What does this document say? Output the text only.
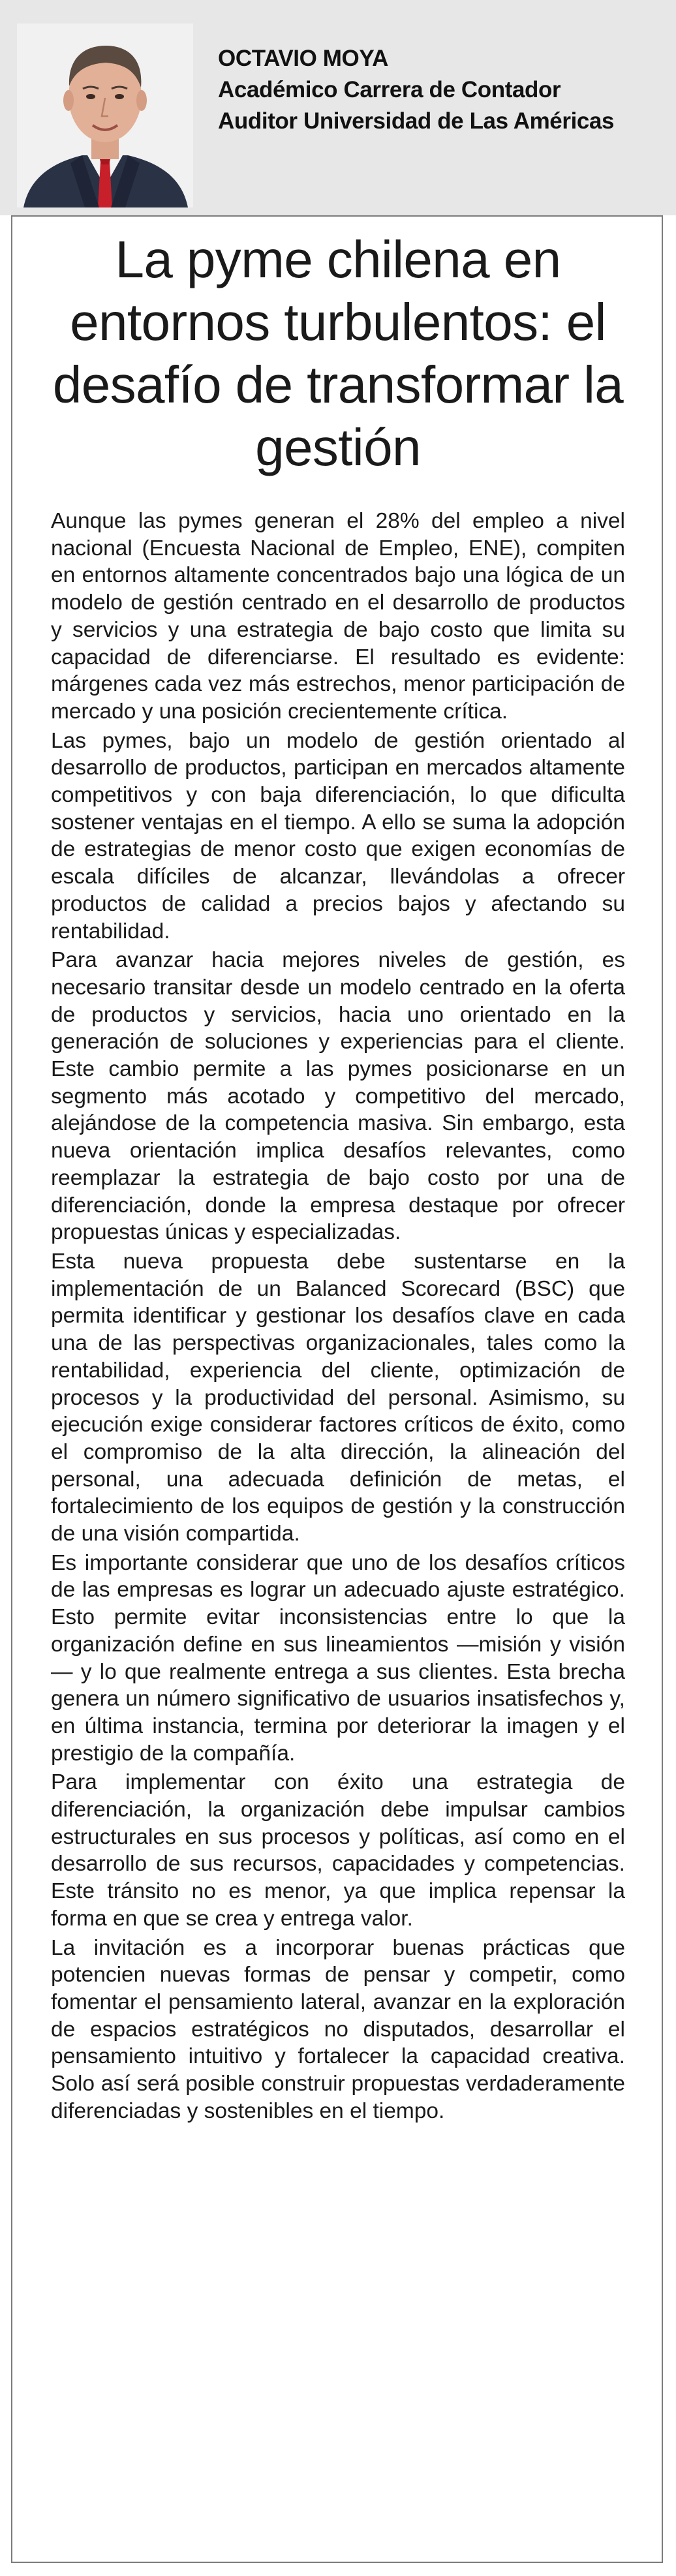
OCTAVIO MOYA
Académico Carrera de Contador
Auditor Universidad de Las Américas
La pyme chilena en entornos turbulentos: el desafío de transformar la gestión

Aunque las pymes generan el 28% del empleo a nivel nacional (Encuesta Nacional de Empleo, ENE), compiten en entornos altamente concentrados bajo una lógica de un modelo de gestión centrado en el desarrollo de productos y servicios y una estrategia de bajo costo que limita su capacidad de diferenciarse. El resultado es evidente: márgenes cada vez más estrechos, menor participación de mercado y una posición crecientemente crítica.

Las pymes, bajo un modelo de gestión orientado al desarrollo de productos, participan en mercados altamente competitivos y con baja diferenciación, lo que dificulta sostener ventajas en el tiempo. A ello se suma la adopción de estrategias de menor costo que exigen economías de escala difíciles de alcanzar, llevándolas a ofrecer productos de calidad a precios bajos y afectando su rentabilidad.

Para avanzar hacia mejores niveles de gestión, es necesario transitar desde un modelo centrado en la oferta de productos y servicios, hacia uno orientado en la generación de soluciones y experiencias para el cliente. Este cambio permite a las pymes posicionarse en un segmento más acotado y competitivo del mercado, alejándose de la competencia masiva. Sin embargo, esta nueva orientación implica desafíos relevantes, como reemplazar la estrategia de bajo costo por una de diferenciación, donde la empresa destaque por ofrecer propuestas únicas y especializadas.

Esta nueva propuesta debe sustentarse en la implementación de un Balanced Scorecard (BSC) que permita identificar y gestionar los desafíos clave en cada una de las perspectivas organizacionales, tales como la rentabilidad, experiencia del cliente, optimización de procesos y la productividad del personal. Asimismo, su ejecución exige considerar factores críticos de éxito, como el compromiso de la alta dirección, la alineación del personal, una adecuada definición de metas, el fortalecimiento de los equipos de gestión y la construcción de una visión compartida.

Es importante considerar que uno de los desafíos críticos de las empresas es lograr un adecuado ajuste estratégico. Esto permite evitar inconsistencias entre lo que la organización define en sus lineamientos —misión y visión— y lo que realmente entrega a sus clientes. Esta brecha genera un número significativo de usuarios insatisfechos y, en última instancia, termina por deteriorar la imagen y el prestigio de la compañía.

Para implementar con éxito una estrategia de diferenciación, la organización debe impulsar cambios estructurales en sus procesos y políticas, así como en el desarrollo de sus recursos, capacidades y competencias. Este tránsito no es menor, ya que implica repensar la forma en que se crea y entrega valor.

La invitación es a incorporar buenas prácticas que potencien nuevas formas de pensar y competir, como fomentar el pensamiento lateral, avanzar en la exploración de espacios estratégicos no disputados, desarrollar el pensamiento intuitivo y fortalecer la capacidad creativa. Solo así será posible construir propuestas verdaderamente diferenciadas y sostenibles en el tiempo.
